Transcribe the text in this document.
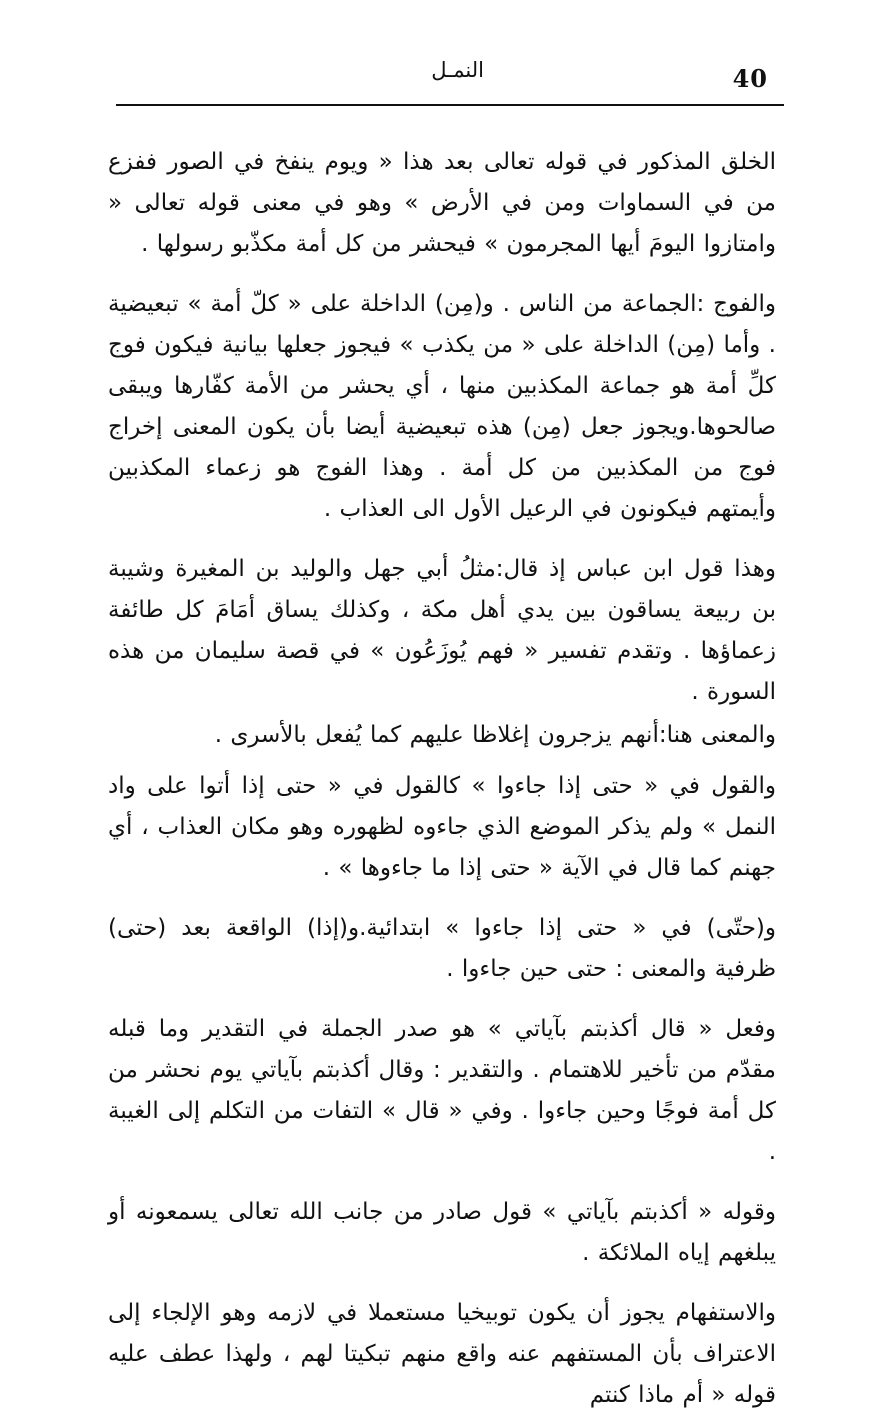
40
النمـل

الخلق المذكور في قوله تعالى بعد هذا « ويوم ينفخ في الصور ففزع من في السماوات ومن في الأرض » وهو في معنى قوله تعالى « وامتازوا اليومَ أيها المجرمون » فيحشر من كل أمة مكذّبو رسولها .

والفوج :الجماعة من الناس . و(مِن) الداخلة على « كلّ أمة » تبعيضية . وأما (مِن) الداخلة على « من يكذب » فيجوز جعلها بيانية فيكون فوج كلِّ أمة هو جماعة المكذبين منها ، أي يحشر من الأمة كفّارها ويبقى صالحوها.ويجوز جعل (مِن) هذه تبعيضية أيضا بأن يكون المعنى إخراج فوج من المكذبين من كل أمة . وهذا الفوج هو زعماء المكذبين وأيمتهم فيكونون في الرعيل الأول الى العذاب .

وهذا قول ابن عباس إذ قال:مثلُ أبي جهل والوليد بن المغيرة وشيبة بن ربيعة يساقون بين يدي أهل مكة ، وكذلك يساق أمَامَ كل طائفة زعماؤها . وتقدم تفسير « فهم يُوزَعُون » في قصة سليمان من هذه السورة .

والمعنى هنا:أنهم يزجرون إغلاظا عليهم كما يُفعل بالأسرى .

والقول في « حتى إذا جاءوا » كالقول في « حتى إذا أتوا على واد النمل » ولم يذكر الموضع الذي جاءوه لظهوره وهو مكان العذاب ، أي جهنم كما قال في الآية « حتى إذا ما جاءوها » .

و(حتّى) في « حتى إذا جاءوا » ابتدائية.و(إذا) الواقعة بعد (حتى) ظرفية والمعنى : حتى حين جاءوا .

وفعل « قال أكذبتم بآياتي » هو صدر الجملة في التقدير وما قبله مقدّم من تأخير للاهتمام . والتقدير : وقال أكذبتم بآياتي يوم نحشر من كل أمة فوجًا وحين جاءوا . وفي « قال » التفات من التكلم إلى الغيبة .

وقوله « أكذبتم بآياتي » قول صادر من جانب الله تعالى يسمعونه أو يبلغهم إياه الملائكة .

والاستفهام يجوز أن يكون توبيخيا مستعملا في لازمه وهو الإلجاء إلى الاعتراف بأن المستفهم عنه واقع منهم تبكيتا لهم ، ولهذا عطف عليه قوله « أم ماذا كنتم
